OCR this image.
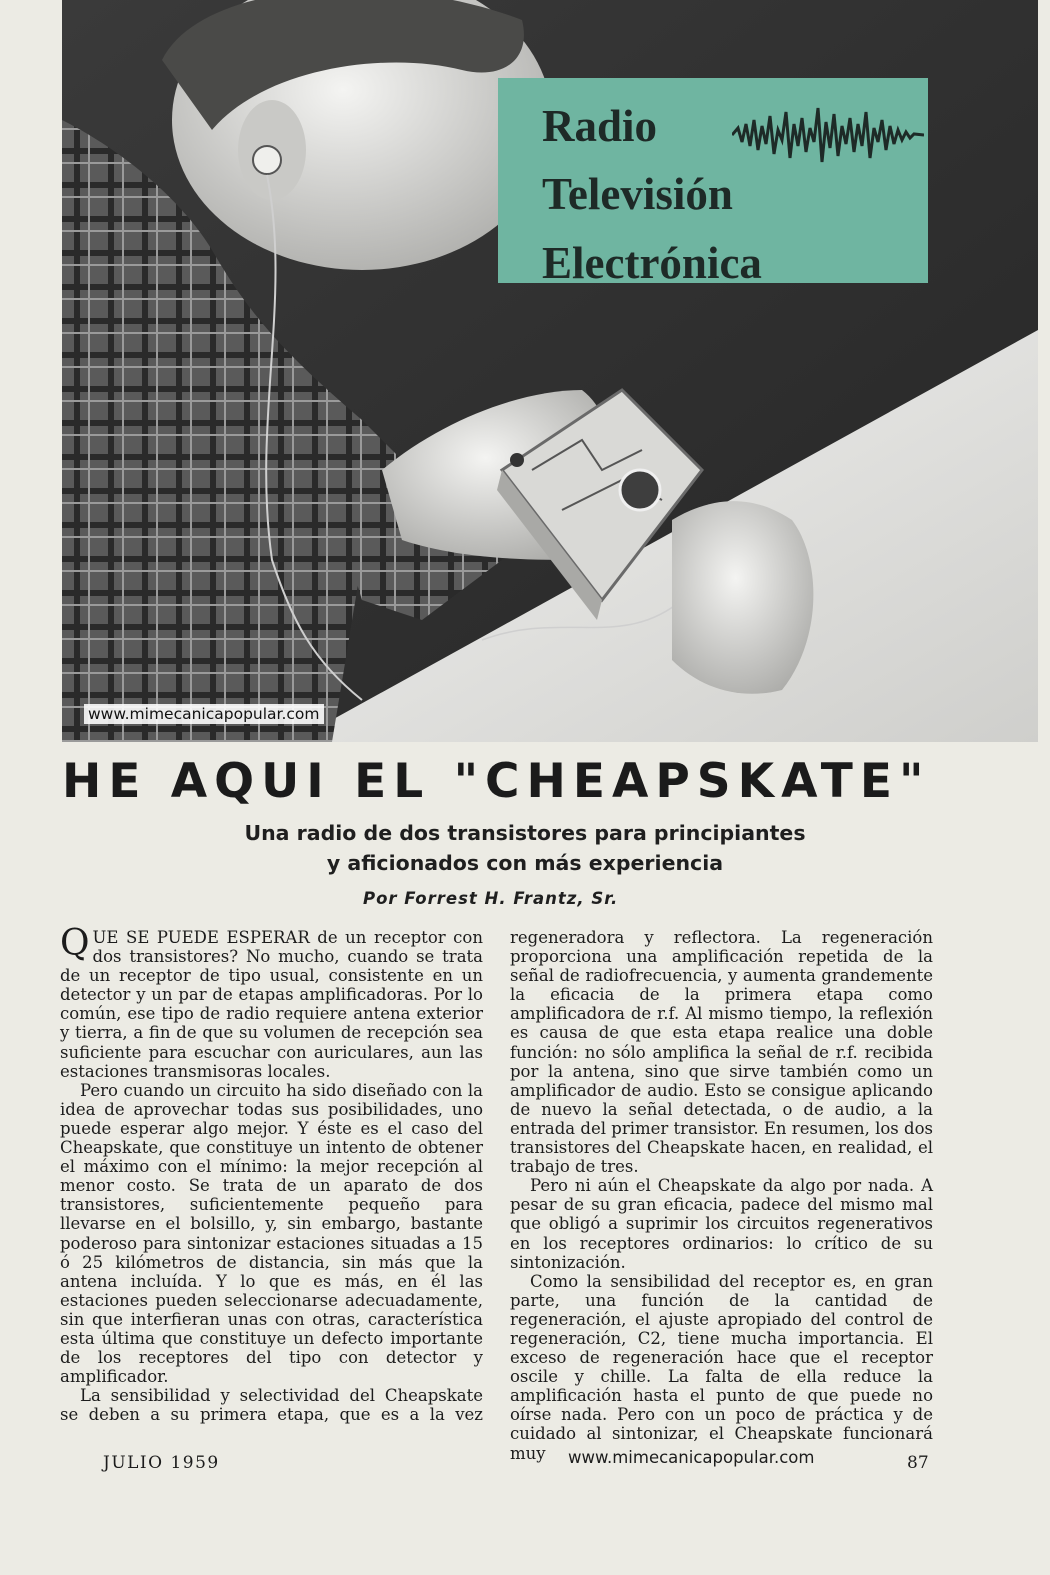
www.mimecanicapopular.com

Radio

Televisión

Electrónica

HE AQUI EL "CHEAPSKATE"
Una radio de dos transistores para principiantes
y aficionados con más experiencia

Por Forrest H. Frantz, Sr.

QUE SE PUEDE ESPERAR de un receptor con dos transistores? No mucho, cuando se trata de un receptor de tipo usual, consistente en un detector y un par de etapas amplificadoras. Por lo común, ese tipo de radio requiere antena exterior y tierra, a fin de que su volumen de recepción sea suficiente para escuchar con auriculares, aun las estaciones transmisoras locales.

Pero cuando un circuito ha sido diseñado con la idea de aprovechar todas sus posibilidades, uno puede esperar algo mejor. Y éste es el caso del Cheapskate, que constituye un intento de obtener el máximo con el mínimo: la mejor recepción al menor costo. Se trata de un aparato de dos transistores, suficientemente pequeño para llevarse en el bolsillo, y, sin embargo, bastante poderoso para sintonizar estaciones situadas a 15 ó 25 kilómetros de distancia, sin más que la antena incluída. Y lo que es más, en él las estaciones pueden seleccionarse adecuadamente, sin que interfieran unas con otras, característica esta última que constituye un defecto importante de los receptores del tipo con detector y amplificador.

La sensibilidad y selectividad del Cheapskate se deben a su primera etapa, que es a la vez

regeneradora y reflectora. La regeneración proporciona una amplificación repetida de la señal de radiofrecuencia, y aumenta grandemente la eficacia de la primera etapa como amplificadora de r.f. Al mismo tiempo, la reflexión es causa de que esta etapa realice una doble función: no sólo amplifica la señal de r.f. recibida por la antena, sino que sirve también como un amplificador de audio. Esto se consigue aplicando de nuevo la señal detectada, o de audio, a la entrada del primer transistor. En resumen, los dos transistores del Cheapskate hacen, en realidad, el trabajo de tres.

Pero ni aún el Cheapskate da algo por nada. A pesar de su gran eficacia, padece del mismo mal que obligó a suprimir los circuitos regenerativos en los receptores ordinarios: lo crítico de su sintonización.

Como la sensibilidad del receptor es, en gran parte, una función de la cantidad de regeneración, el ajuste apropiado del control de regeneración, C2, tiene mucha importancia. El exceso de regeneración hace que el receptor oscile y chille. La falta de ella reduce la amplificación hasta el punto de que puede no oírse nada. Pero con un poco de práctica y de cuidado al sintonizar, el Cheapskate funcionará muy

JULIO 1959	www.mimecanicapopular.com	87
